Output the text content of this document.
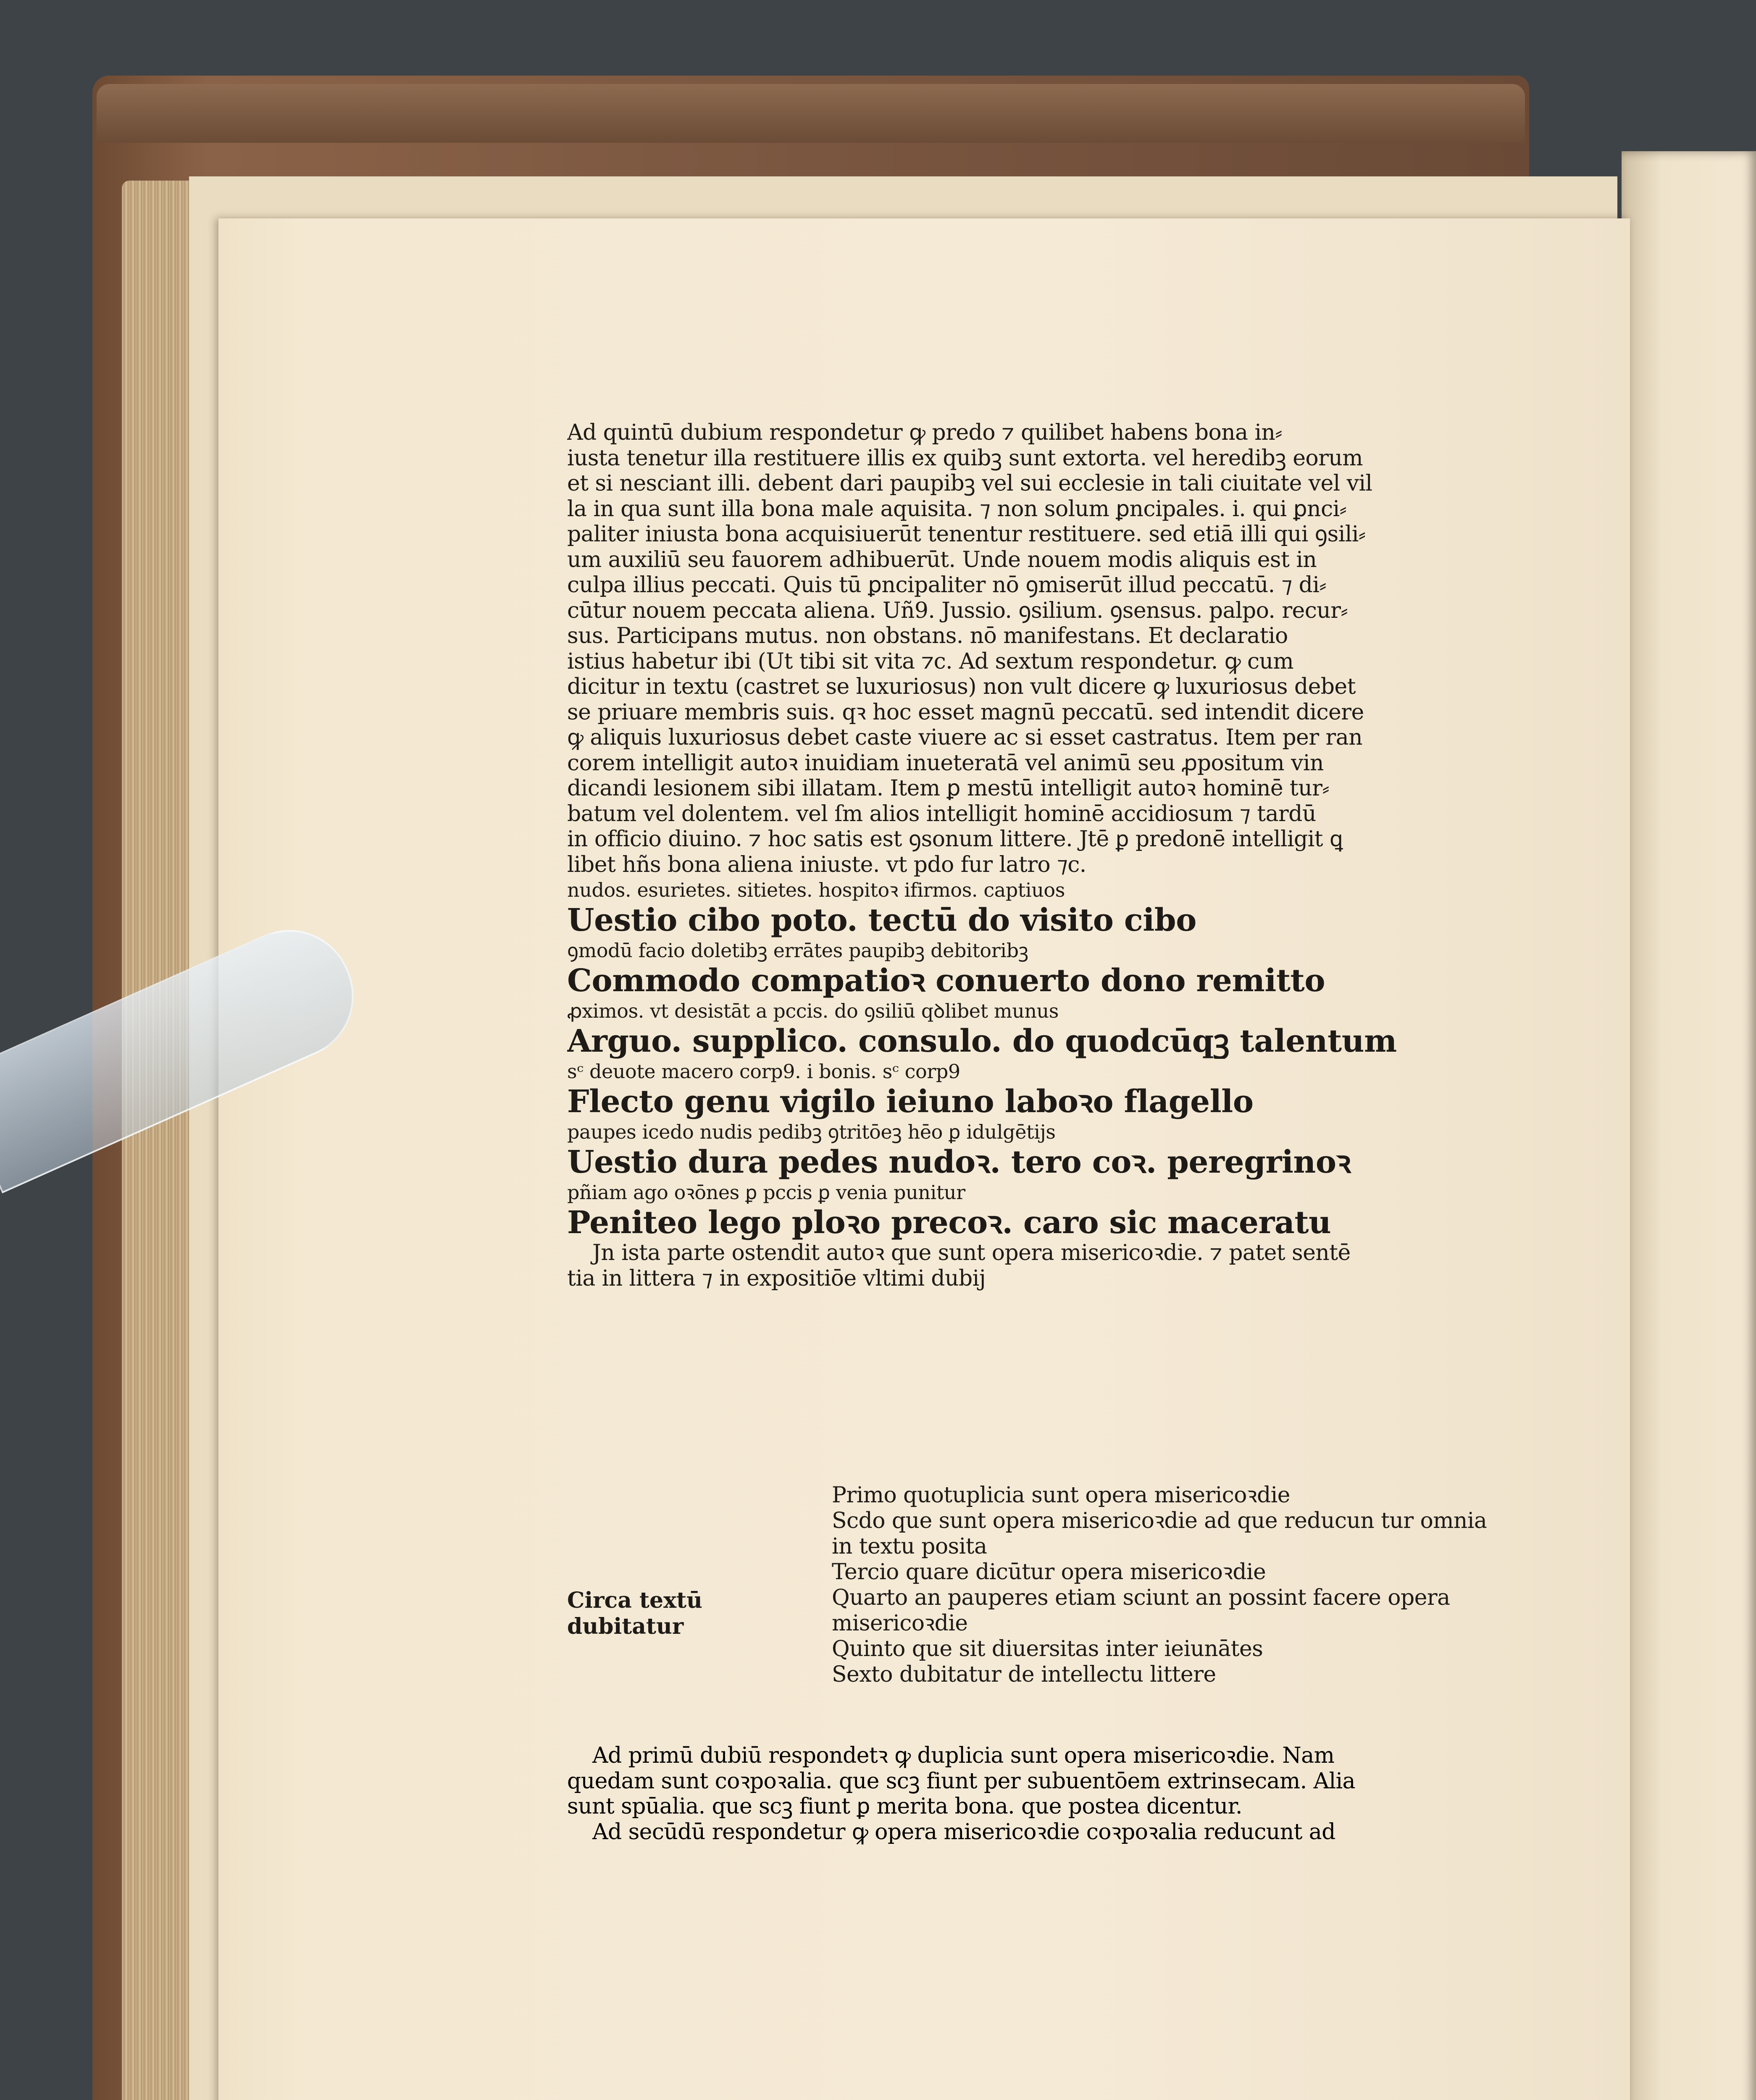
Ad quintū dubium respondetur ꝙ predo ⁊ quilibet habens bona in⸗
iusta tenetur illa restituere illis ex quibꝫ sunt extorta. vel heredibꝫ eorum
et si nesciant illi. debent dari paupibꝫ vel sui ecclesie in tali ciuitate vel vil
la in qua sunt illa bona male aquisita. ⁊ non solum ꝑncipales. i. qui ꝑnci⸗
paliter iniusta bona acquisiuerūt tenentur restituere. sed etiā illi qui ꝯsili⸗
um auxiliū seu fauorem adhibuerūt. Unde nouem modis aliquis est in
culpa illius peccati. Quis tū ꝑncipaliter nō ꝯmiserūt illud peccatū. ⁊ di⸗
cūtur nouem peccata aliena. Uñ9. Jussio. ꝯsilium. ꝯsensus. palpo. recur⸗
sus. Participans mutus. non obstans. nō manifestans. Et declaratio
istius habetur ibi (Ut tibi sit vita ⁊c. Ad sextum respondetur. ꝙ cum
dicitur in textu (castret se luxuriosus) non vult dicere ꝙ luxuriosus debet
se priuare membris suis. qꝛ hoc esset magnū peccatū. sed intendit dicere
ꝙ aliquis luxuriosus debet caste viuere ac si esset castratus. Item per ran
corem intelligit autoꝛ inuidiam inueteratā vel animū seu ꝓpositum vin
dicandi lesionem sibi illatam. Item ꝑ mestū intelligit autoꝛ hominē tur⸗
batum vel dolentem. vel ſm alios intelligit hominē accidiosum ⁊ tardū
in officio diuino. ⁊ hoc satis est ꝯsonum littere. Jtē ꝑ predonē intelligit ꝗ
libet hñs bona aliena iniuste. vt pdo fur latro ⁊c.
nudos. esurietes. sitietes. hospitoꝛ ifirmos. captiuos
Uestio cibo poto. tectū do visito cibo
ꝯmodū facio doletibꝫ errātes paupibꝫ debitoribꝫ
Commodo compatioꝛ conuerto dono remitto
ꝓximos. vt desistāt a pccis. do ꝯsiliū qꝺlibet munus
Arguo. supplico. consulo. do quodcūqꝫ talentum
sᶜ deuote macero corp9. i bonis. sᶜ corp9
Flecto genu vigilo ieiuno laboꝛo flagello
paupes icedo nudis pedibꝫ ꝯtritōeꝫ hēo ꝑ idulgētijs
Uestio dura pedes nudoꝛ. tero coꝛ. peregrinoꝛ
pñiam ago oꝛōnes ꝑ pccis ꝑ venia punitur
Peniteo lego ploꝛo precoꝛ. caro sic maceratu
Jn ista parte ostendit autoꝛ que sunt opera misericoꝛdie. ⁊ patet sentē
tia in littera ⁊ in expositiōe vltimi dubij
Circa textū dubitatur
Primo quotuplicia sunt opera misericoꝛdie
Scdo que sunt opera misericoꝛdie ad que reducun tur omnia in textu posita
Tercio quare dicūtur opera misericoꝛdie
Quarto an pauperes etiam sciunt an possint facere opera misericoꝛdie
Quinto que sit diuersitas inter ieiunātes
Sexto dubitatur de intellectu littere
Ad primū dubiū respondetꝛ ꝙ duplicia sunt opera misericoꝛdie. Nam
quedam sunt coꝛpoꝛalia. que scꝫ fiunt per subuentōem extrinsecam. Alia
sunt spūalia. que scꝫ fiunt ꝑ merita bona. que postea dicentur.
Ad secūdū respondetur ꝙ opera misericoꝛdie coꝛpoꝛalia reducunt ad
